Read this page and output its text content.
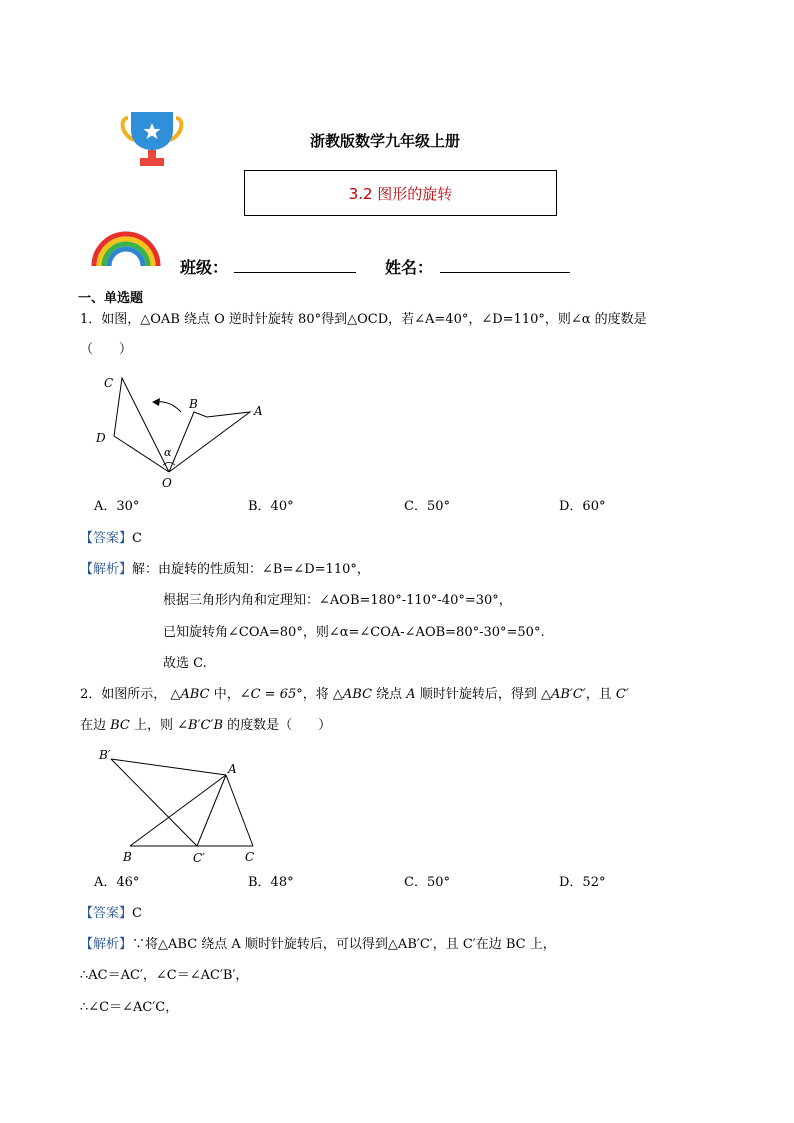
浙教版数学九年级上册
3.2 图形的旋转
班级：	姓名：
一、单选题
1．如图，△OAB 绕点 O 逆时针旋转 80°得到△OCD，若∠A=40°，∠D=110°，则∠α 的度数是
（　　）
C
D
B	A
α
O
A．30°	B．40°	C．50°	D．60°
【答案】C
【解析】解：由旋转的性质知：∠B=∠D=110°，
根据三角形内角和定理知：∠AOB=180°-110°-40°=30°，
已知旋转角∠COA=80°，则∠α=∠COA-∠AOB=80°-30°=50°.
故选 C.
2．如图所示， △ABC 中，∠C = 65°，将 △ABC 绕点 A 顺时针旋转后，得到 △AB′C′，且 C′
在边 BC 上，则 ∠B′C′B 的度数是（　　）
B′
A
B	C′	C
A．46°	B．48°	C．50°	D．52°
【答案】C
【解析】∵将△ABC 绕点 A 顺时针旋转后，可以得到△AB′C′，且 C′在边 BC 上，
∴AC＝AC′，∠C＝∠AC′B′，
∴∠C＝∠AC′C，
